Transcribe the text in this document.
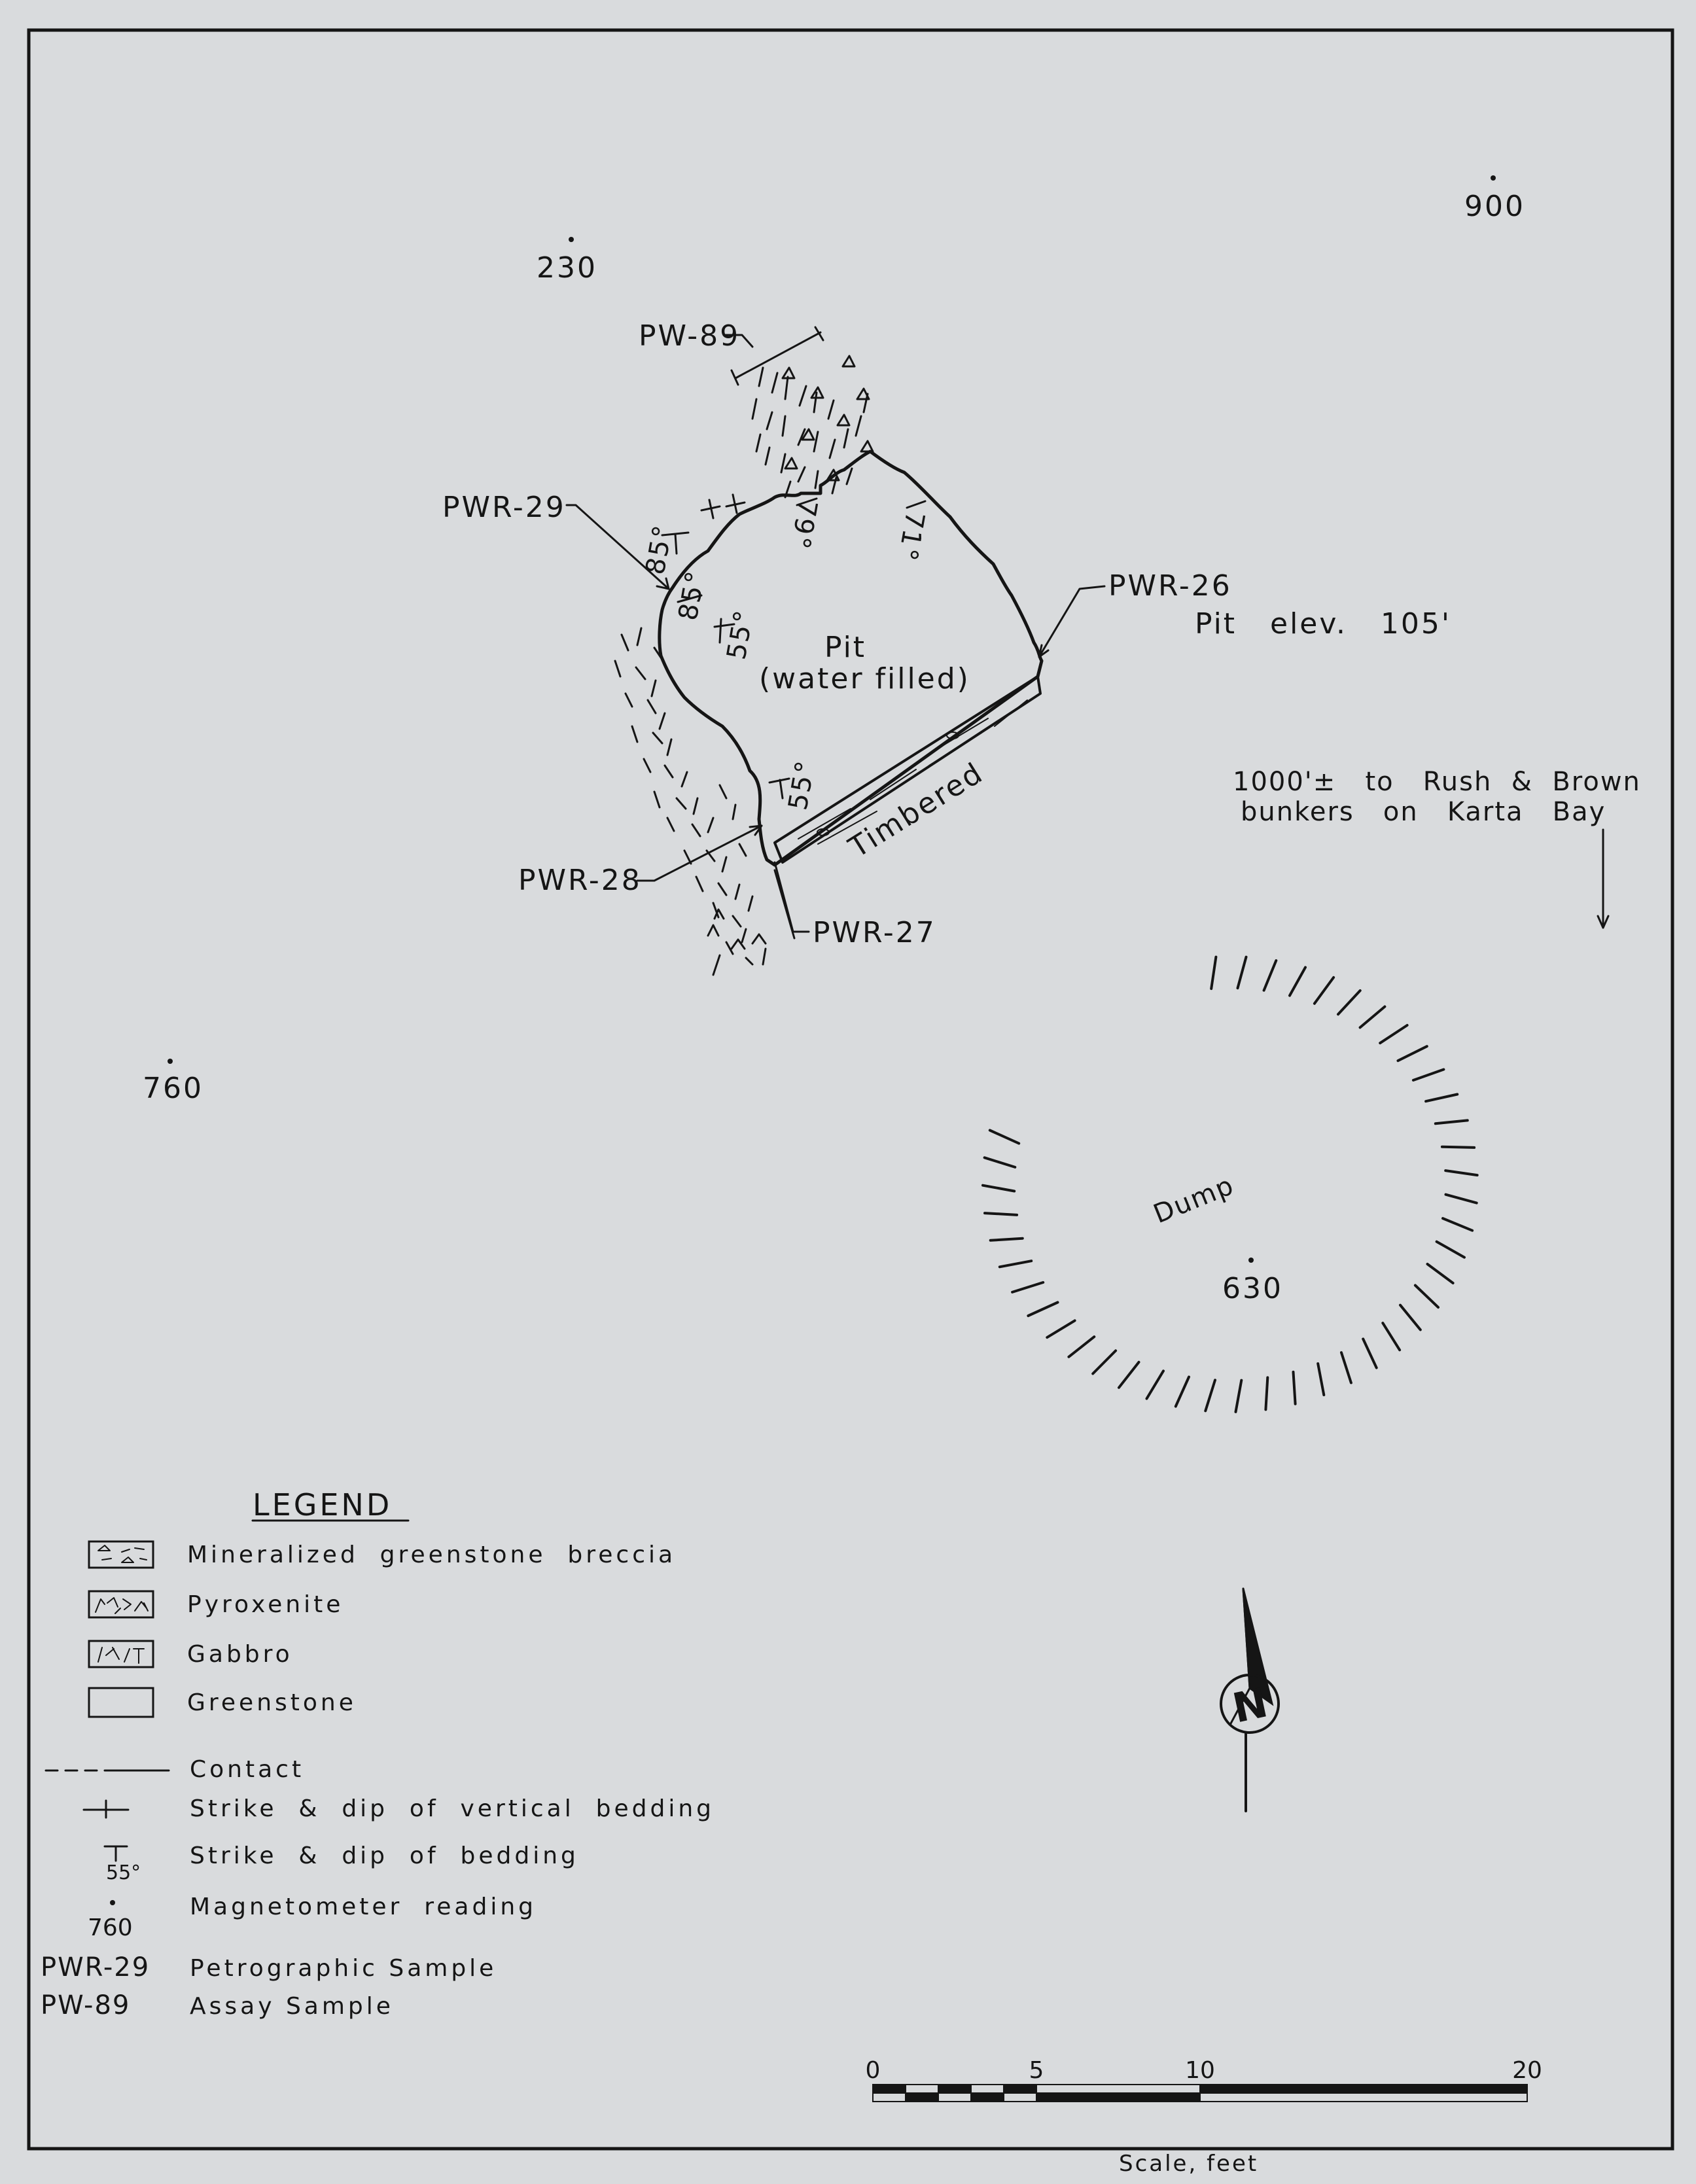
230
900
760
630
85°
85°
79°	71°
55°
55°
Pit
(water filled)
Timbered
PW-89
PWR-29
PWR-26
PWR-28
PWR-27
Pit   elev.   105'
1000'±   to   Rush  &  Brown
bunkers   on   Karta   Bay
Dump
LEGEND
Mineralized  greenstone  breccia
Pyroxenite
Gabbro
Greenstone
Contact
Strike  &  dip  of  vertical  bedding
55°
Strike  &  dip  of  bedding
760
Magnetometer  reading
PWR-29 Petrographic Sample
PW-89	Assay Sample
N
Scale, feet
0	5	10	20
